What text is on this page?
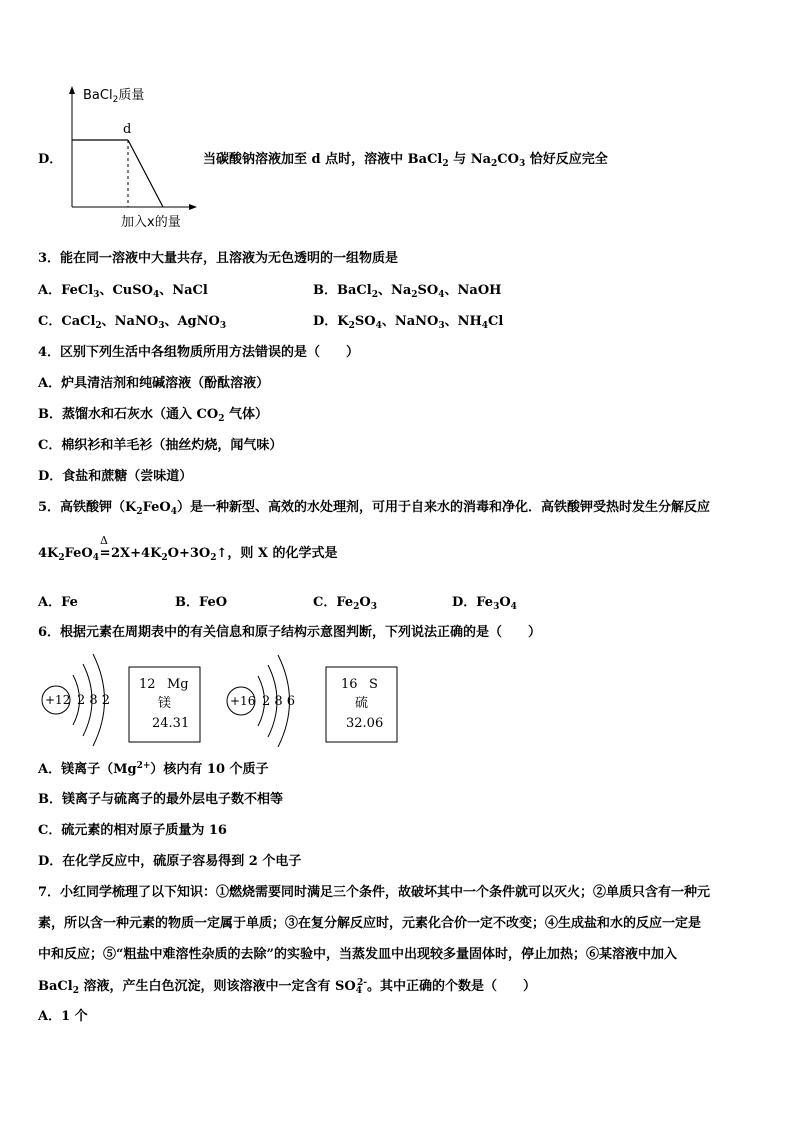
D．
BaCl$_2$质量
d
加入x的量
当碳酸钠溶液加至 d 点时，溶液中 BaCl$_2$ 与 $Na_2CO_3$ 恰好反应完全
3．能在同一溶液中大量共存，且溶液为无色透明的一组物质是
A．FeCl$_3$、CuSO$_4$、NaCl	B．BaCl$_2$、$Na_2SO_4$、NaOH
C．CaCl$_2$、NaNO$_3$、AgNO$_3$	D．$K_2SO_4$、NaNO$_3$、$NH_4Cl$
4．区别下列生活中各组物质所用方法错误的是（　　）
A．炉具清洁剂和纯碱溶液（酚酞溶液）
B．蒸馏水和石灰水（通入 $CO_2$ 气体）
C．棉织衫和羊毛衫（抽丝灼烧，闻气味）
D．食盐和蔗糖（尝味道）
5．高铁酸钾$(K_2FeO_4)$是一种新型、高效的水处理剂，可用于自来水的消毒和净化．高铁酸钾受热时发生分解反应
$4K_2FeO_4=$
Δ
$2X+4K_2O+3O_2↑$，则 X 的化学式是
A．Fe	B．FeO	C．$Fe_2O_3$	D．$Fe_3O_4$
6．根据元素在周期表中的有关信息和原子结构示意图判断，下列说法正确的是（　　）
+12 2 8 2
12 Mg
镁
24.31
+16 2 8 6
16 S
硫
32.06
A．镁离子$(Mg^{2+})$核内有 10 个质子
B．镁离子与硫离子的最外层电子数不相等
C．硫元素的相对原子质量为 16
D．在化学反应中，硫原子容易得到 2 个电子
7．小红同学梳理了以下知识：①燃烧需要同时满足三个条件，故破坏其中一个条件就可以灭火；②单质只含有一种元
素，所以含一种元素的物质一定属于单质；③在复分解反应时，元素化合价一定不改变；④生成盐和水的反应一定是
中和反应；⑤“粗盐中难溶性杂质的去除”的实验中，当蒸发皿中出现较多量固体时，停止加热；⑥某溶液中加入
BaCl$_2$ 溶液，产生白色沉淀，则该溶液中一定含有 $SO_4^{2-}$。其中正确的个数是（　　）
A．1 个
